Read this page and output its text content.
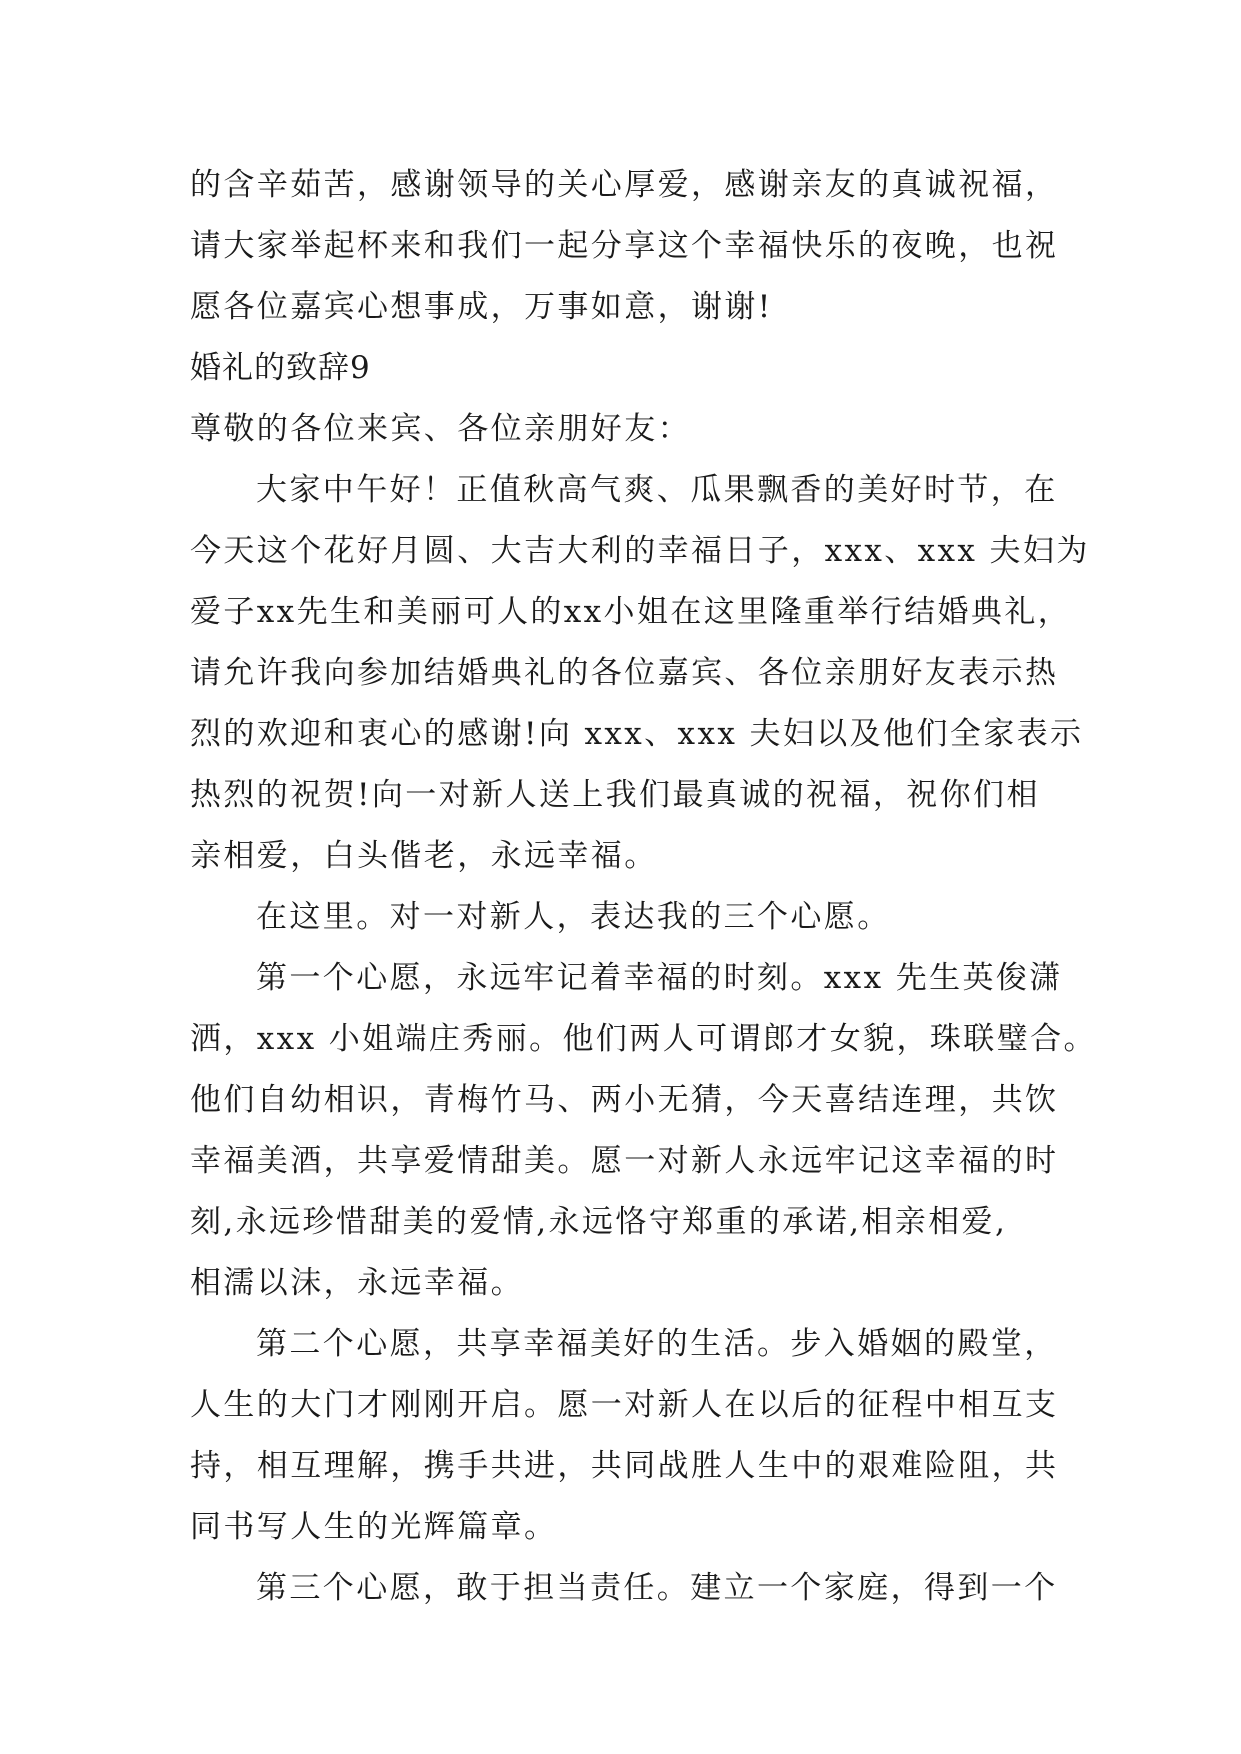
的含辛茹苦，感谢领导的关心厚爱，感谢亲友的真诚祝福，
请大家举起杯来和我们一起分享这个幸福快乐的夜晚，也祝
愿各位嘉宾心想事成，万事如意，谢谢!
婚礼的致辞9
尊敬的各位来宾、各位亲朋好友：
大家中午好！正值秋高气爽、瓜果飘香的美好时节，在
今天这个花好月圆、大吉大利的幸福日子，xxx、xxx 夫妇为
爱子xx先生和美丽可人的xx小姐在这里隆重举行结婚典礼，
请允许我向参加结婚典礼的各位嘉宾、各位亲朋好友表示热
烈的欢迎和衷心的感谢!向 xxx、xxx 夫妇以及他们全家表示
热烈的祝贺!向一对新人送上我们最真诚的祝福，祝你们相
亲相爱，白头偕老，永远幸福。
在这里。对一对新人，表达我的三个心愿。
第一个心愿，永远牢记着幸福的时刻。xxx 先生英俊潇
洒，xxx 小姐端庄秀丽。他们两人可谓郎才女貌，珠联璧合。
他们自幼相识，青梅竹马、两小无猜，今天喜结连理，共饮
幸福美酒，共享爱情甜美。愿一对新人永远牢记这幸福的时
刻,永远珍惜甜美的爱情,永远恪守郑重的承诺,相亲相爱,
相濡以沫，永远幸福。
第二个心愿，共享幸福美好的生活。步入婚姻的殿堂，
人生的大门才刚刚开启。愿一对新人在以后的征程中相互支
持，相互理解，携手共进，共同战胜人生中的艰难险阻，共
同书写人生的光辉篇章。
第三个心愿，敢于担当责任。建立一个家庭，得到一个
